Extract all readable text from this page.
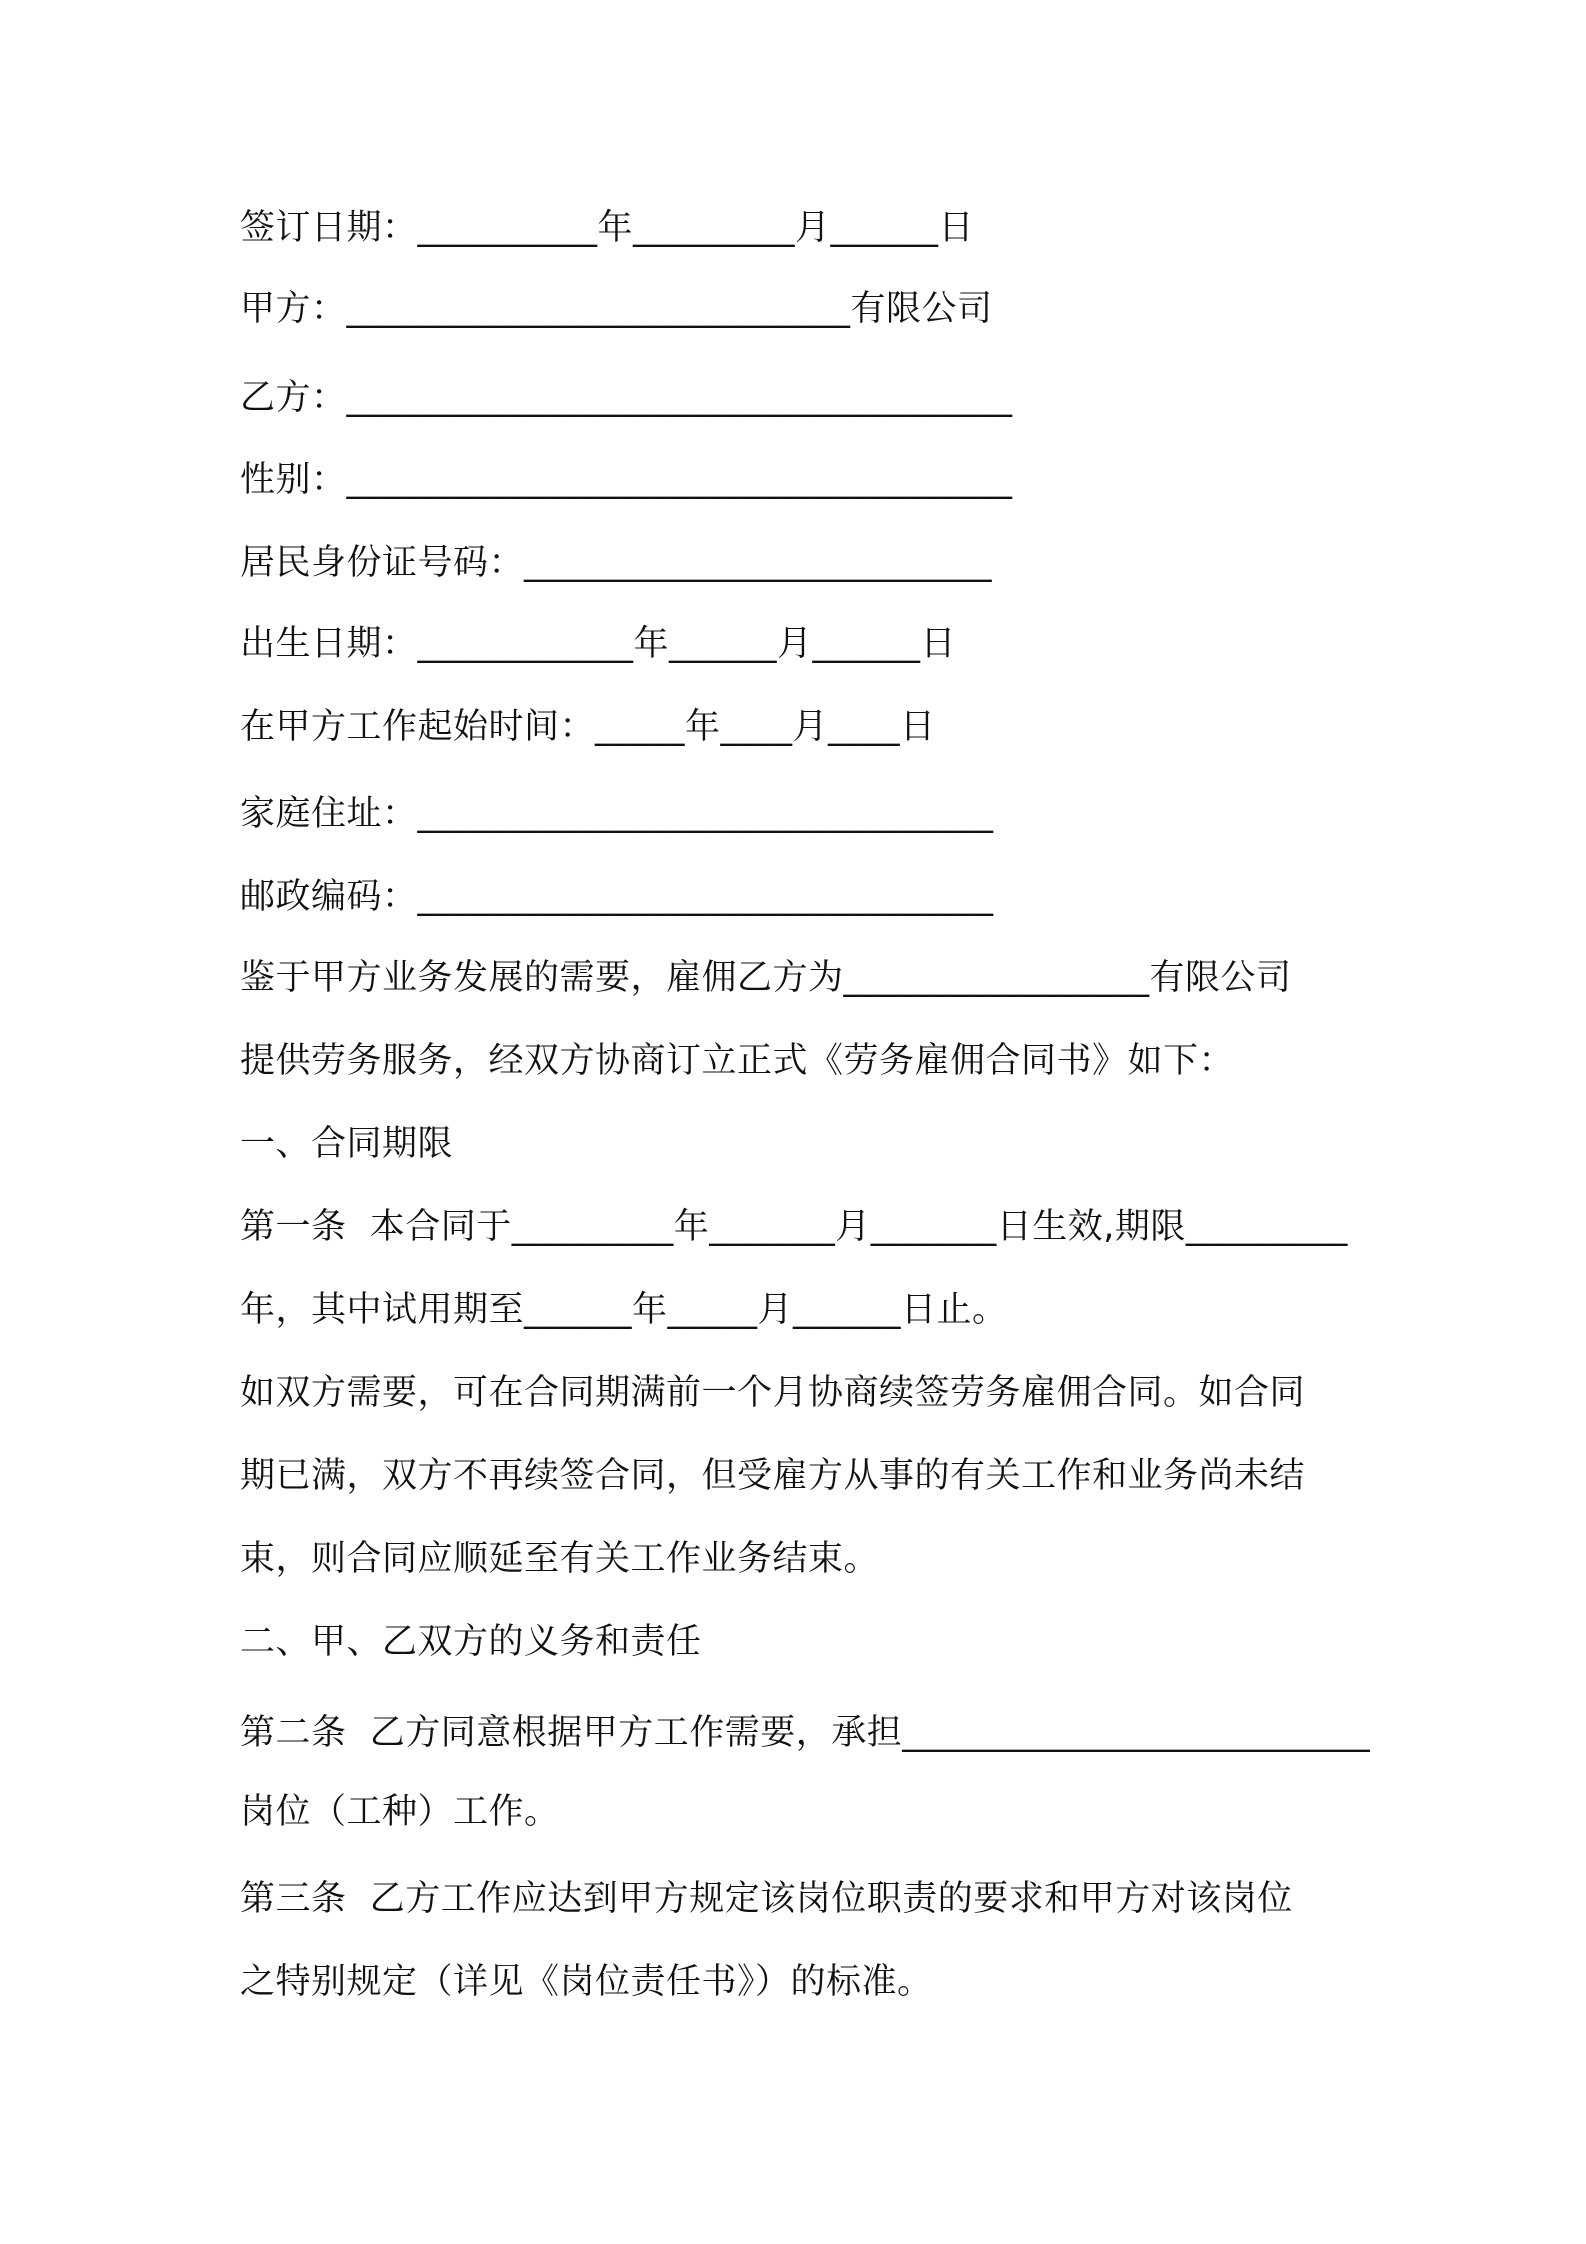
签订日期：__________年_________月______日
甲方：____________________________有限公司
乙方：_____________________________________
性别：_____________________________________
居民身份证号码：__________________________
出生日期：____________年______月______日
在甲方工作起始时间：_____年____月____日
家庭住址：________________________________
邮政编码：________________________________
鉴于甲方业务发展的需要，雇佣乙方为_________________有限公司
提供劳务服务，经双方协商订立正式《劳务雇佣合同书》如下：
一、合同期限
第一条  本合同于_________年_______月_______日生效,期限_________
年，其中试用期至______年_____月______日止。
如双方需要，可在合同期满前一个月协商续签劳务雇佣合同。如合同
期已满，双方不再续签合同，但受雇方从事的有关工作和业务尚未结
束，则合同应顺延至有关工作业务结束。
二、甲、乙双方的义务和责任
第二条  乙方同意根据甲方工作需要，承担__________________________
岗位（工种）工作。
第三条  乙方工作应达到甲方规定该岗位职责的要求和甲方对该岗位
之特别规定（详见《岗位责任书》）的标准。
